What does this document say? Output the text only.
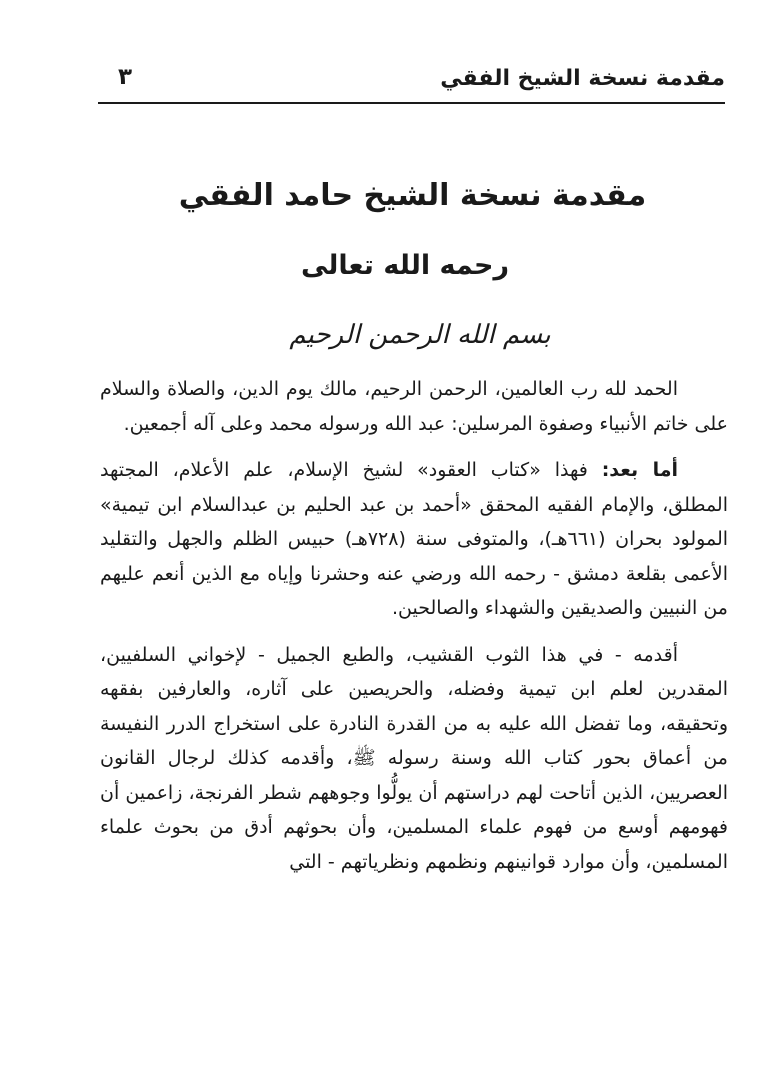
مقدمة نسخة الشيخ الفقي
٣
مقدمة نسخة الشيخ حامد الفقي
رحمه الله تعالى
بسم الله الرحمن الرحيم

الحمد لله رب العالمين، الرحمن الرحيم، مالك يوم الدين، والصلاة والسلام على خاتم الأنبياء وصفوة المرسلين: عبد الله ورسوله محمد وعلى آله أجمعين.

أما بعد: فهذا «كتاب العقود» لشيخ الإسلام، علم الأعلام، المجتهد المطلق، والإمام الفقيه المحقق «أحمد بن عبد الحليم بن عبدالسلام ابن تيمية» المولود بحران (٦٦١هـ)، والمتوفى سنة (٧٢٨هـ) حبيس الظلم والجهل والتقليد الأعمى بقلعة دمشق - رحمه الله ورضي عنه وحشرنا وإياه مع الذين أنعم عليهم من النبيين والصديقين والشهداء والصالحين.

أقدمه - في هذا الثوب القشيب، والطبع الجميل - لإخواني السلفيين، المقدرين لعلم ابن تيمية وفضله، والحريصين على آثاره، والعارفين بفقهه وتحقيقه، وما تفضل الله عليه به من القدرة النادرة على استخراج الدرر النفيسة من أعماق بحور كتاب الله وسنة رسوله ﷺ، وأقدمه كذلك لرجال القانون العصريين، الذين أتاحت لهم دراستهم أن يولُّوا وجوههم شطر الفرنجة، زاعمين أن فهومهم أوسع من فهوم علماء المسلمين، وأن بحوثهم أدق من بحوث علماء المسلمين، وأن موارد قوانينهم ونظمهم ونظرياتهم - التي
